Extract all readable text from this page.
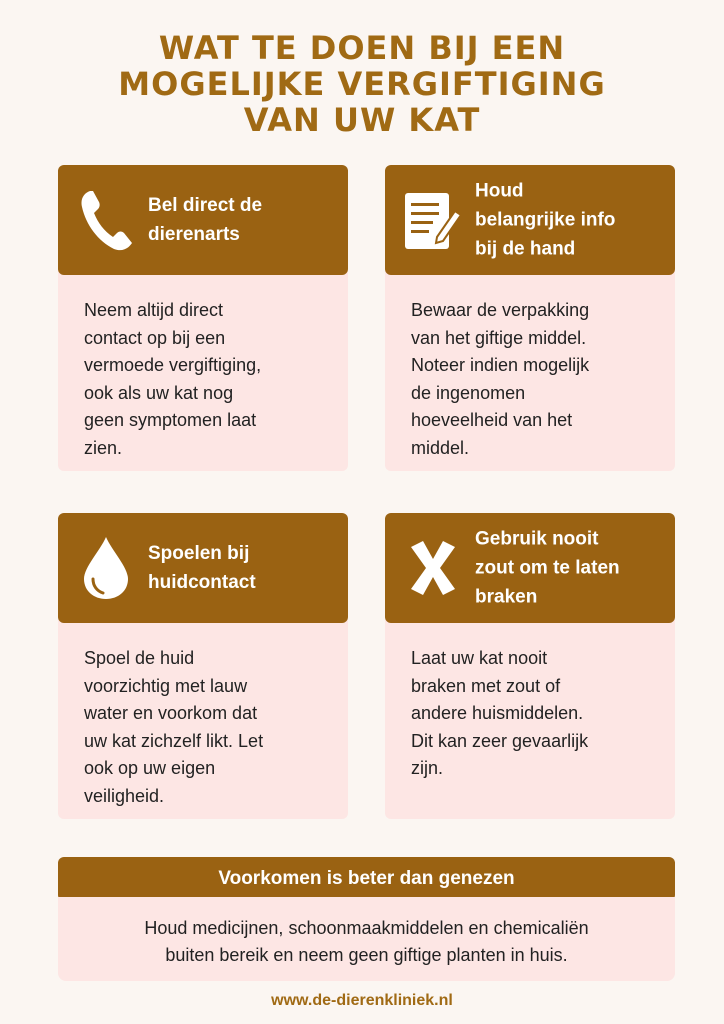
WAT TE DOEN BIJ EEN
MOGELIJKE VERGIFTIGING
VAN UW KAT
Bel direct de
dierenarts
Neem altijd direct
contact op bij een
vermoede vergiftiging,
ook als uw kat nog
geen symptomen laat
zien.
Houd
belangrijke info
bij de hand
Bewaar de verpakking
van het giftige middel.
Noteer indien mogelijk
de ingenomen
hoeveelheid van het
middel.
Spoelen bij
huidcontact
Spoel de huid
voorzichtig met lauw
water en voorkom dat
uw kat zichzelf likt. Let
ook op uw eigen
veiligheid.
Gebruik nooit
zout om te laten
braken
Laat uw kat nooit
braken met zout of
andere huismiddelen.
Dit kan zeer gevaarlijk
zijn.
Voorkomen is beter dan genezen
Houd medicijnen, schoonmaakmiddelen en chemicaliën
buiten bereik en neem geen giftige planten in huis.
www.de-dierenkliniek.nl
